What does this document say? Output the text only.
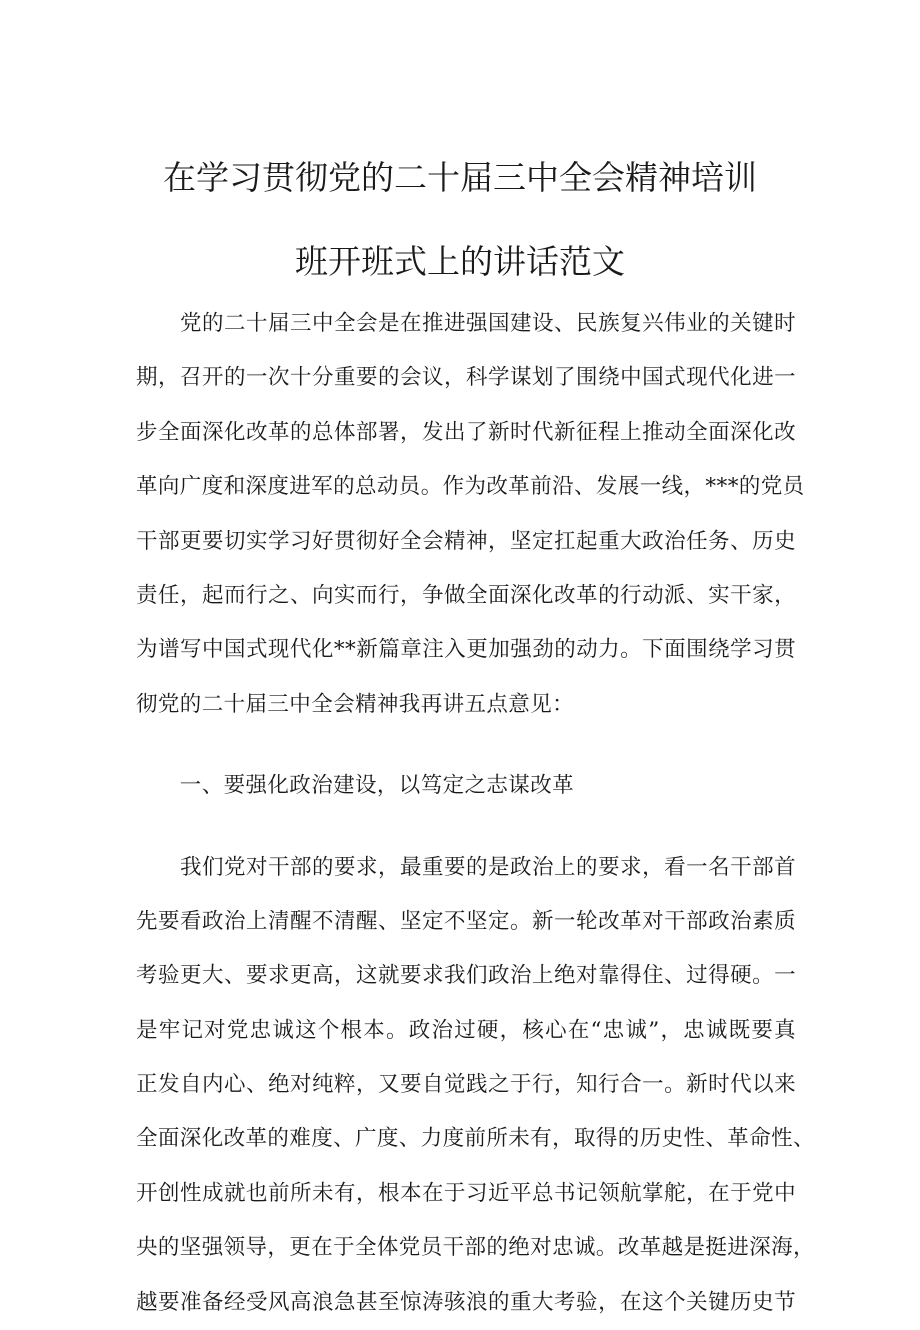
在学习贯彻党的二十届三中全会精神培训
班开班式上的讲话范文
　　党的二十届三中全会是在推进强国建设、民族复兴伟业的关键时
期，召开的一次十分重要的会议，科学谋划了围绕中国式现代化进一
步全面深化改革的总体部署，发出了新时代新征程上推动全面深化改
革向广度和深度进军的总动员。作为改革前沿、发展一线，***的党员
干部更要切实学习好贯彻好全会精神，坚定扛起重大政治任务、历史
责任，起而行之、向实而行，争做全面深化改革的行动派、实干家，
为谱写中国式现代化**新篇章注入更加强劲的动力。下面围绕学习贯
彻党的二十届三中全会精神我再讲五点意见：
　　一、要强化政治建设，以笃定之志谋改革
　　我们党对干部的要求，最重要的是政治上的要求，看一名干部首
先要看政治上清醒不清醒、坚定不坚定。新一轮改革对干部政治素质
考验更大、要求更高，这就要求我们政治上绝对靠得住、过得硬。一
是牢记对党忠诚这个根本。政治过硬，核心在“忠诚”，忠诚既要真
正发自内心、绝对纯粹，又要自觉践之于行，知行合一。新时代以来
全面深化改革的难度、广度、力度前所未有，取得的历史性、革命性、
开创性成就也前所未有，根本在于习近平总书记领航掌舵，在于党中
央的坚强领导，更在于全体党员干部的绝对忠诚。改革越是挺进深海，
越要准备经受风高浪急甚至惊涛骇浪的重大考验，在这个关键历史节
